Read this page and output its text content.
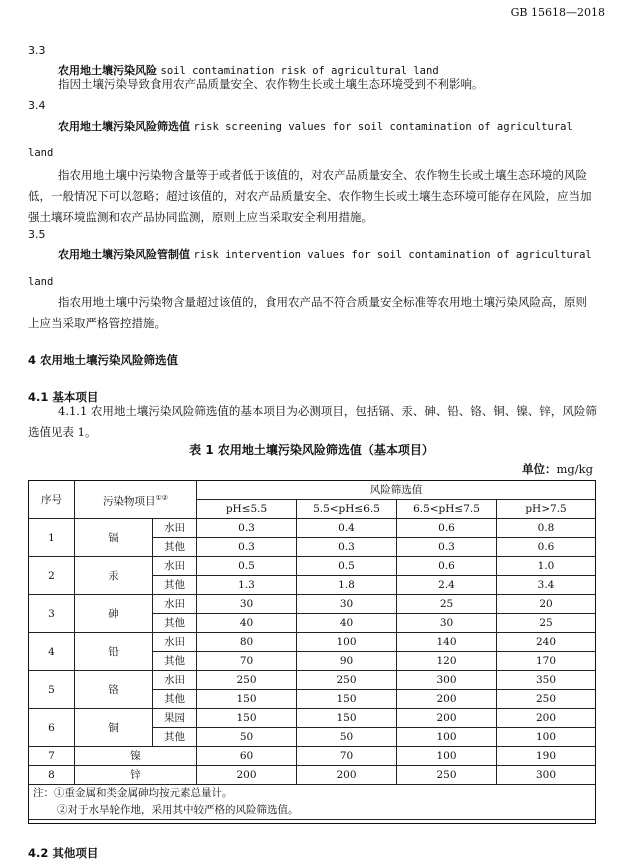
GB 15618—2018
3.3
农用地土壤污染风险 soil contamination risk of agricultural land
指因土壤污染导致食用农产品质量安全、农作物生长或土壤生态环境受到不利影响。
3.4
农用地土壤污染风险筛选值 risk screening values for soil contamination of agricultural
land
指农用地土壤中污染物含量等于或者低于该值的，对农产品质量安全、农作物生长或土壤生态环境的风险低，一般情况下可以忽略；超过该值的，对农产品质量安全、农作物生长或土壤生态环境可能存在风险，应当加强土壤环境监测和农产品协同监测，原则上应当采取安全利用措施。
3.5
农用地土壤污染风险管制值 risk intervention values for soil contamination of agricultural
land
指农用地土壤中污染物含量超过该值的，食用农产品不符合质量安全标准等农用地土壤污染风险高，原则上应当采取严格管控措施。
4 农用地土壤污染风险筛选值
4.1 基本项目
4.1.1 农用地土壤污染风险筛选值的基本项目为必测项目，包括镉、汞、砷、铅、铬、铜、镍、锌，风险筛选值见表 1。
表 1 农用地土壤污染风险筛选值（基本项目）
单位：mg/kg
序号	污染物项目①②		风险筛选值			
			pH≤5.5	5.5<pH≤6.5	6.5<pH≤7.5	pH>7.5
1	镉	水田	0.3	0.4	0.6	0.8
		其他	0.3	0.3	0.3	0.6
2	汞	水田	0.5	0.5	0.6	1.0
		其他	1.3	1.8	2.4	3.4
3	砷	水田	30	30	25	20
		其他	40	40	30	25
4	铅	水田	80	100	140	240
		其他	70	90	120	170
5	铬	水田	250	250	300	350
		其他	150	150	200	250
6	铜	果园	150	150	200	200
		其他	50	50	100	100
7	镍		60	70	100	190
8	锌		200	200	250	300

注：①重金属和类金属砷均按元素总量计。
②对于水旱轮作地，采用其中较严格的风险筛选值。						
4.2 其他项目
